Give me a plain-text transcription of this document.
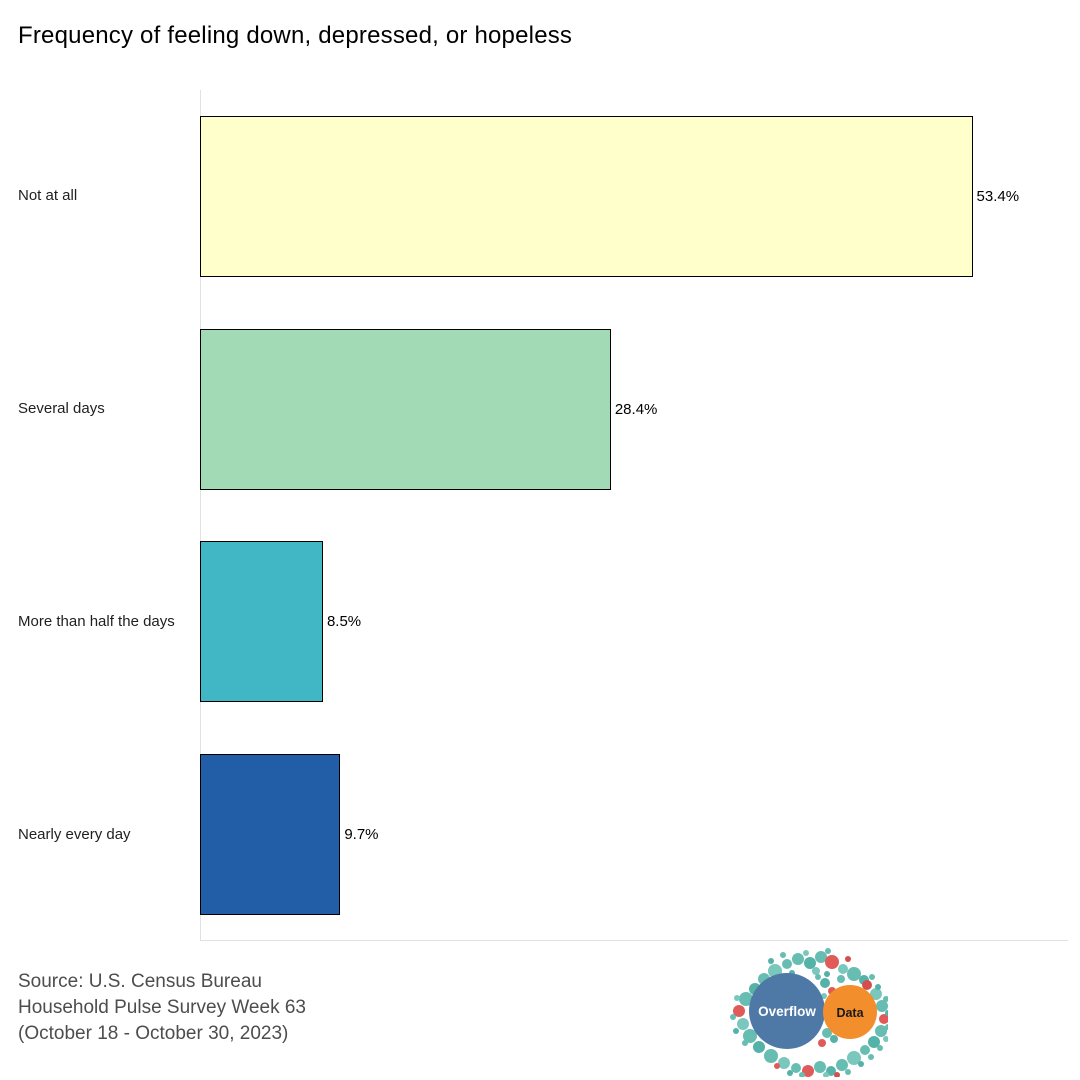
Frequency of feeling down, depressed, or hopeless
Not at all	53.4%
Several days	28.4%
More than half the days	8.5%
Nearly every day	9.7%
Source: U.S. Census Bureau
Household Pulse Survey Week 63
(October 18 - October 30, 2023)
Overflow Data
